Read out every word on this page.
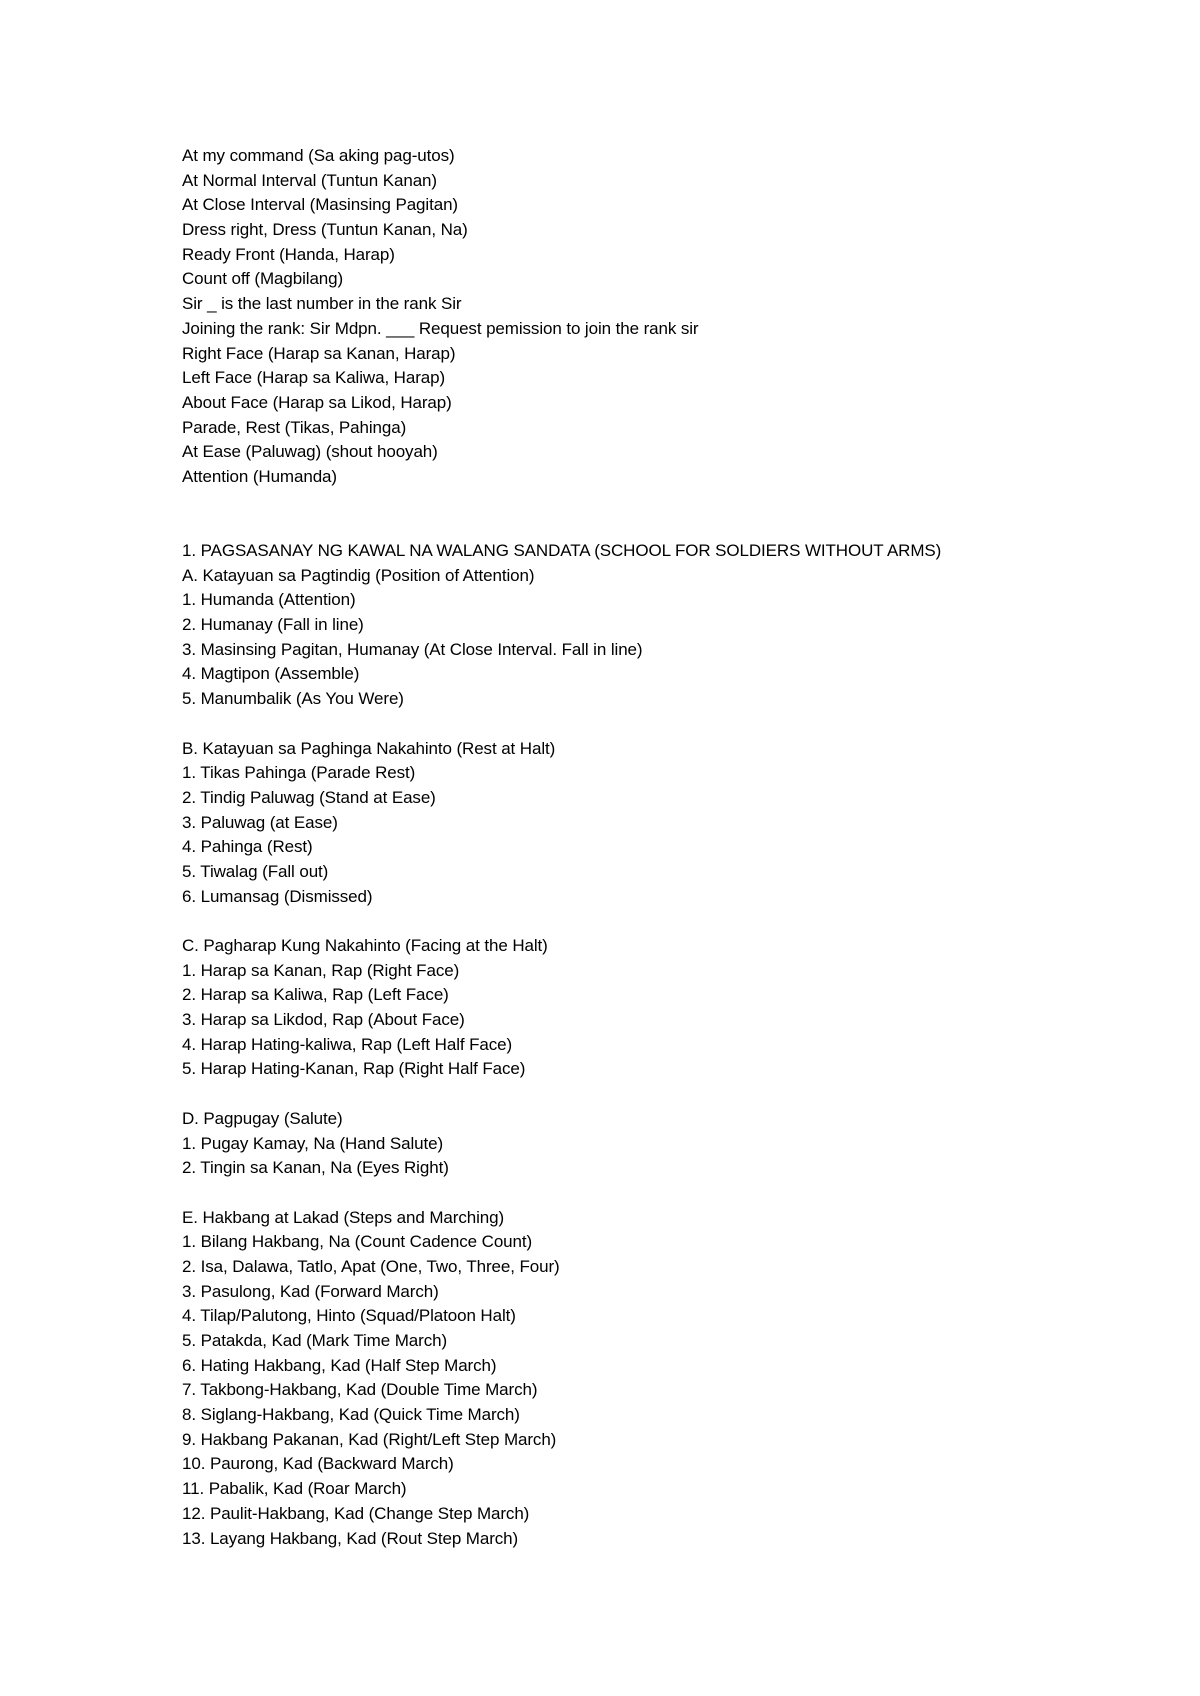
At my command (Sa aking pag-utos)
At Normal Interval (Tuntun Kanan)
At Close Interval (Masinsing Pagitan)
Dress right, Dress (Tuntun Kanan, Na)
Ready Front (Handa, Harap)
Count off (Magbilang)
Sir _ is the last number in the rank Sir
Joining the rank: Sir Mdpn. ___ Request pemission to join the rank sir
Right Face (Harap sa Kanan, Harap)
Left Face (Harap sa Kaliwa, Harap)
About Face (Harap sa Likod, Harap)
Parade, Rest (Tikas, Pahinga)
At Ease (Paluwag) (shout hooyah)
Attention (Humanda)
1. PAGSASANAY NG KAWAL NA WALANG SANDATA (SCHOOL FOR SOLDIERS WITHOUT ARMS)
A. Katayuan sa Pagtindig (Position of Attention)
1. Humanda (Attention)
2. Humanay (Fall in line)
3. Masinsing Pagitan, Humanay (At Close Interval. Fall in line)
4. Magtipon (Assemble)
5. Manumbalik (As You Were)
B. Katayuan sa Paghinga Nakahinto (Rest at Halt)
1. Tikas Pahinga (Parade Rest)
2. Tindig Paluwag (Stand at Ease)
3. Paluwag (at Ease)
4. Pahinga (Rest)
5. Tiwalag (Fall out)
6. Lumansag (Dismissed)
C. Pagharap Kung Nakahinto (Facing at the Halt)
1. Harap sa Kanan, Rap (Right Face)
2. Harap sa Kaliwa, Rap (Left Face)
3. Harap sa Likdod, Rap (About Face)
4. Harap Hating-kaliwa, Rap (Left Half Face)
5. Harap Hating-Kanan, Rap (Right Half Face)
D. Pagpugay (Salute)
1. Pugay Kamay, Na (Hand Salute)
2. Tingin sa Kanan, Na (Eyes Right)
E. Hakbang at Lakad (Steps and Marching)
1. Bilang Hakbang, Na (Count Cadence Count)
2. Isa, Dalawa, Tatlo, Apat (One, Two, Three, Four)
3. Pasulong, Kad (Forward March)
4. Tilap/Palutong, Hinto (Squad/Platoon Halt)
5. Patakda, Kad (Mark Time March)
6. Hating Hakbang, Kad (Half Step March)
7. Takbong-Hakbang, Kad (Double Time March)
8. Siglang-Hakbang, Kad (Quick Time March)
9. Hakbang Pakanan, Kad (Right/Left Step March)
10. Paurong, Kad (Backward March)
11. Pabalik, Kad (Roar March)
12. Paulit-Hakbang, Kad (Change Step March)
13. Layang Hakbang, Kad (Rout Step March)
